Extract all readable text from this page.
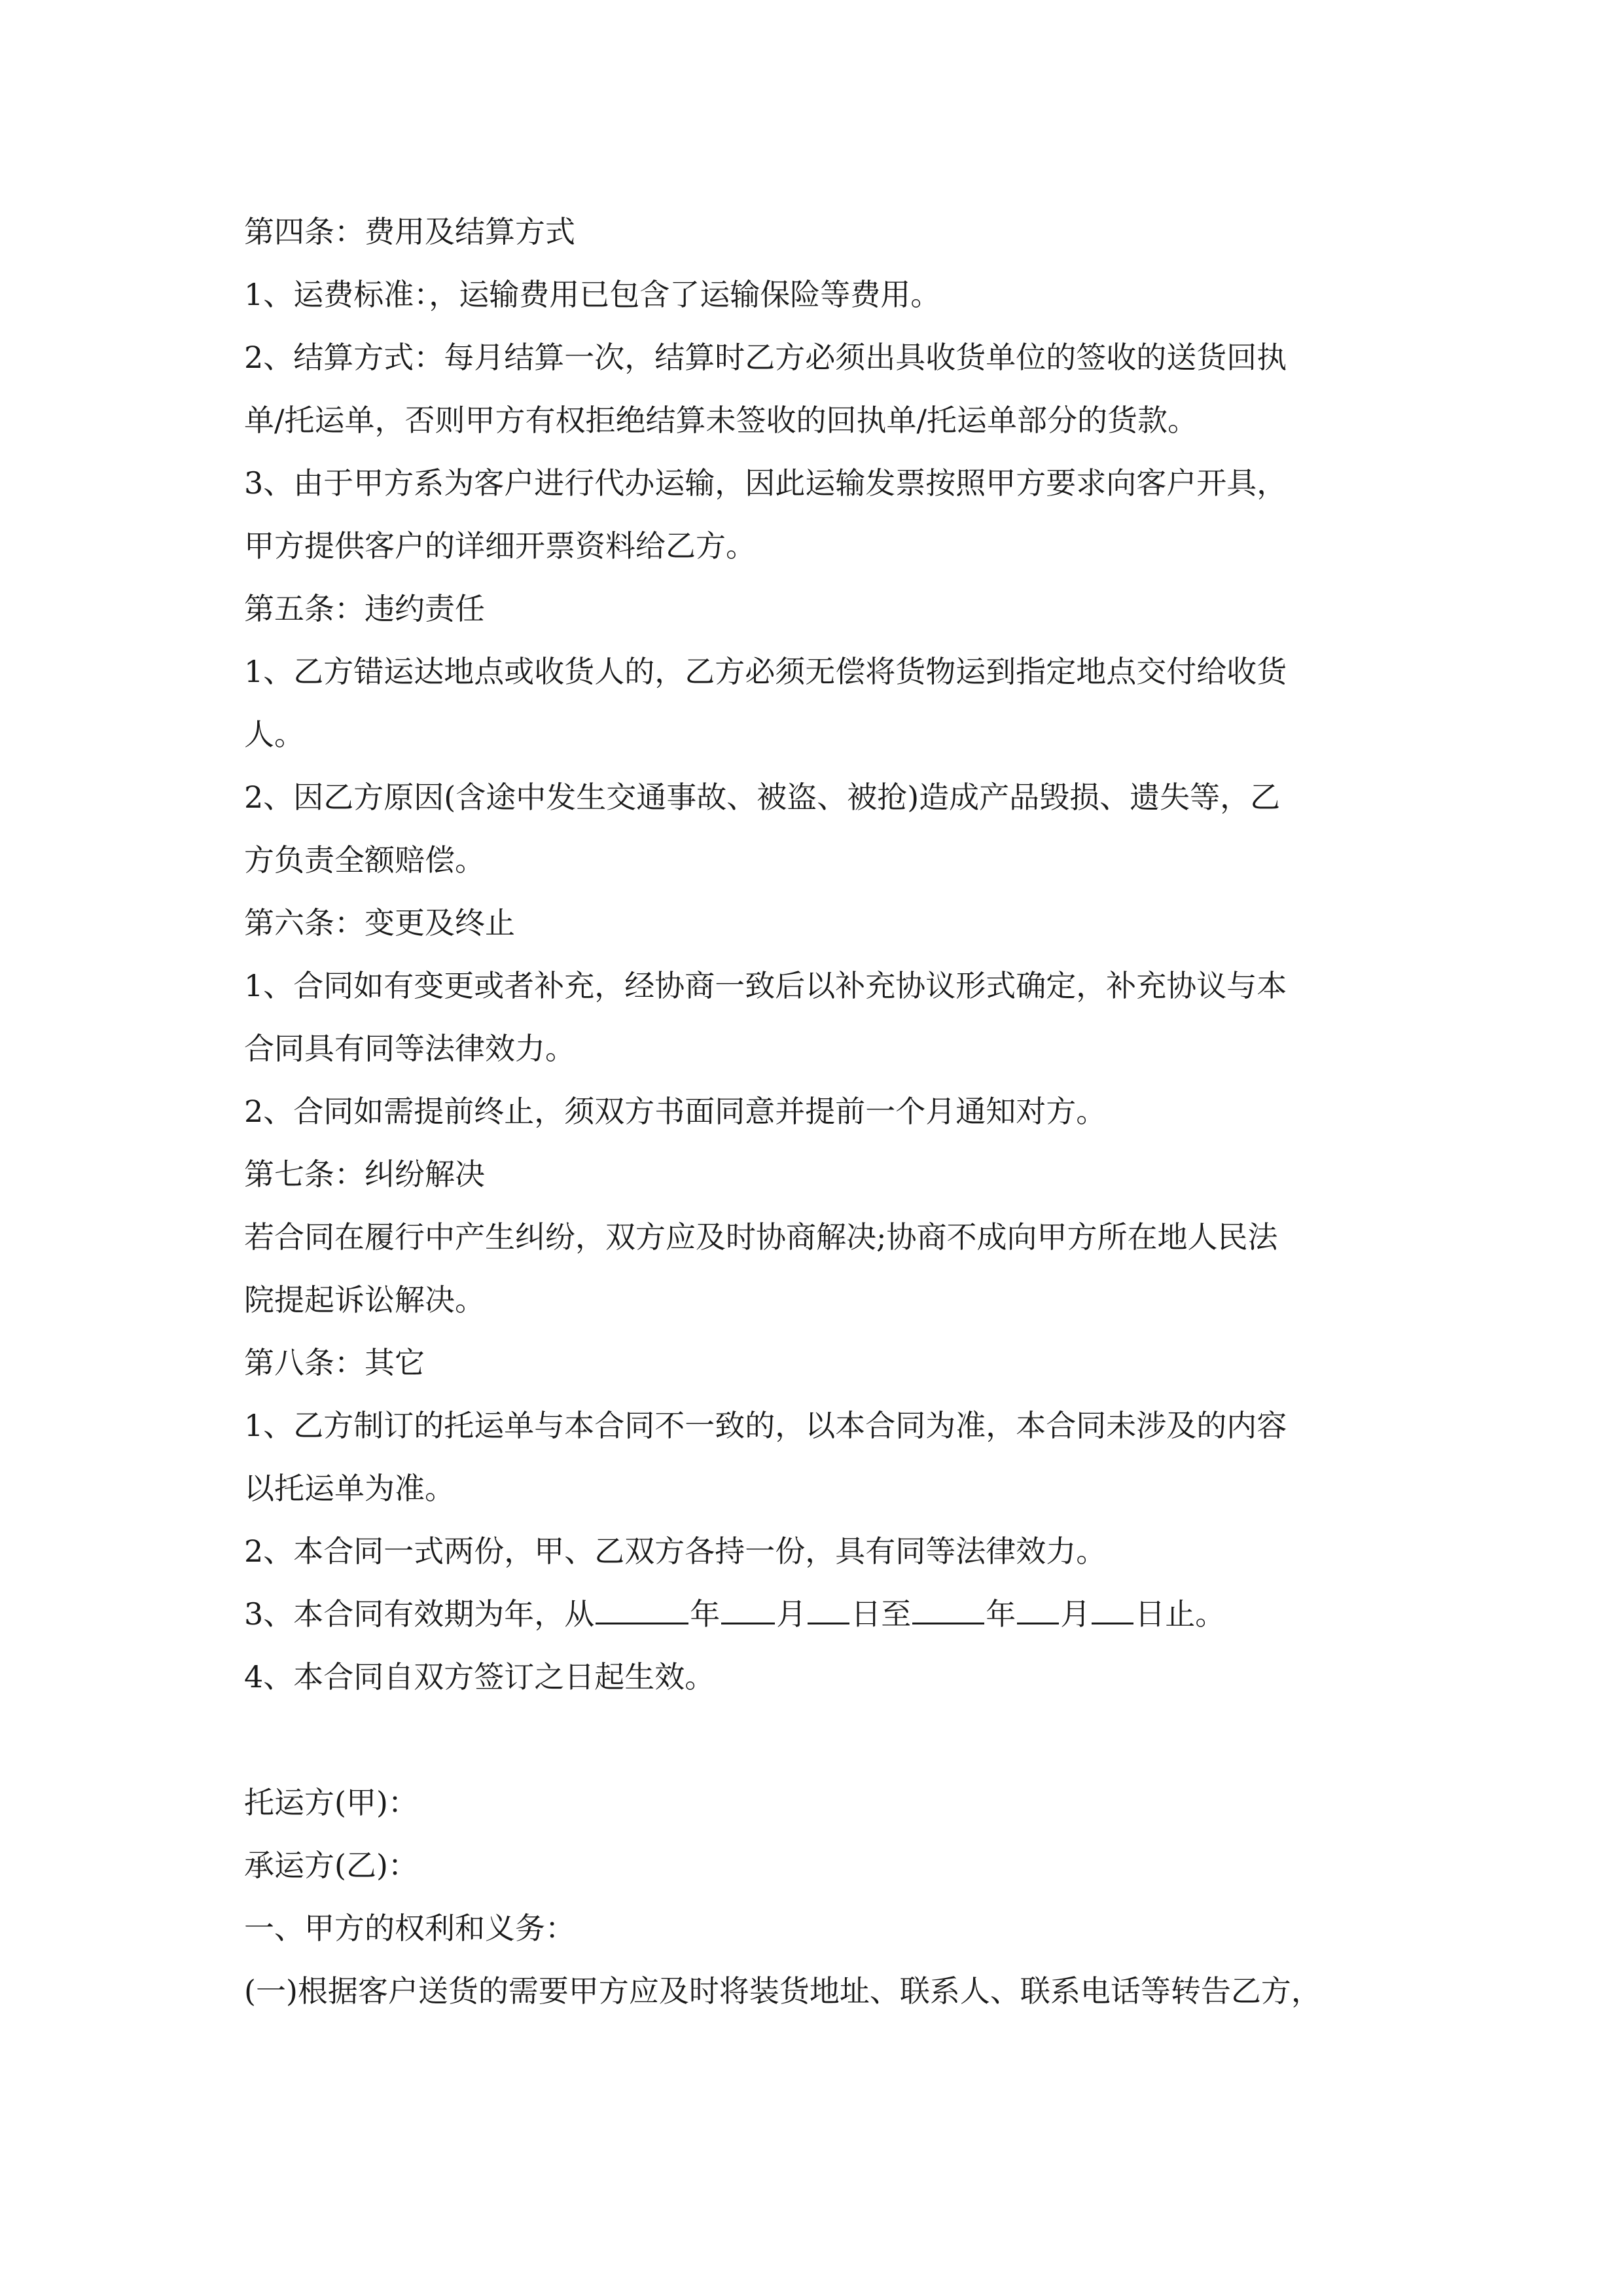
第四条：费用及结算方式
1、运费标准：，运输费用已包含了运输保险等费用。
2、结算方式：每月结算一次，结算时乙方必须出具收货单位的签收的送货回执
单/托运单，否则甲方有权拒绝结算未签收的回执单/托运单部分的货款。
3、由于甲方系为客户进行代办运输，因此运输发票按照甲方要求向客户开具，
甲方提供客户的详细开票资料给乙方。
第五条：违约责任
1、乙方错运达地点或收货人的，乙方必须无偿将货物运到指定地点交付给收货
人。
2、因乙方原因(含途中发生交通事故、被盗、被抢)造成产品毁损、遗失等，乙
方负责全额赔偿。
第六条：变更及终止
1、合同如有变更或者补充，经协商一致后以补充协议形式确定，补充协议与本
合同具有同等法律效力。
2、合同如需提前终止，须双方书面同意并提前一个月通知对方。
第七条：纠纷解决
若合同在履行中产生纠纷，双方应及时协商解决;协商不成向甲方所在地人民法
院提起诉讼解决。
第八条：其它
1、乙方制订的托运单与本合同不一致的，以本合同为准，本合同未涉及的内容
以托运单为准。
2、本合同一式两份，甲、乙双方各持一份，具有同等法律效力。
3、本合同有效期为年，从	年 月 日至 年 月 日止。
4、本合同自双方签订之日起生效。
托运方(甲)：
承运方(乙)：
一、甲方的权利和义务：
(一)根据客户送货的需要甲方应及时将装货地址、联系人、联系电话等转告乙方，
